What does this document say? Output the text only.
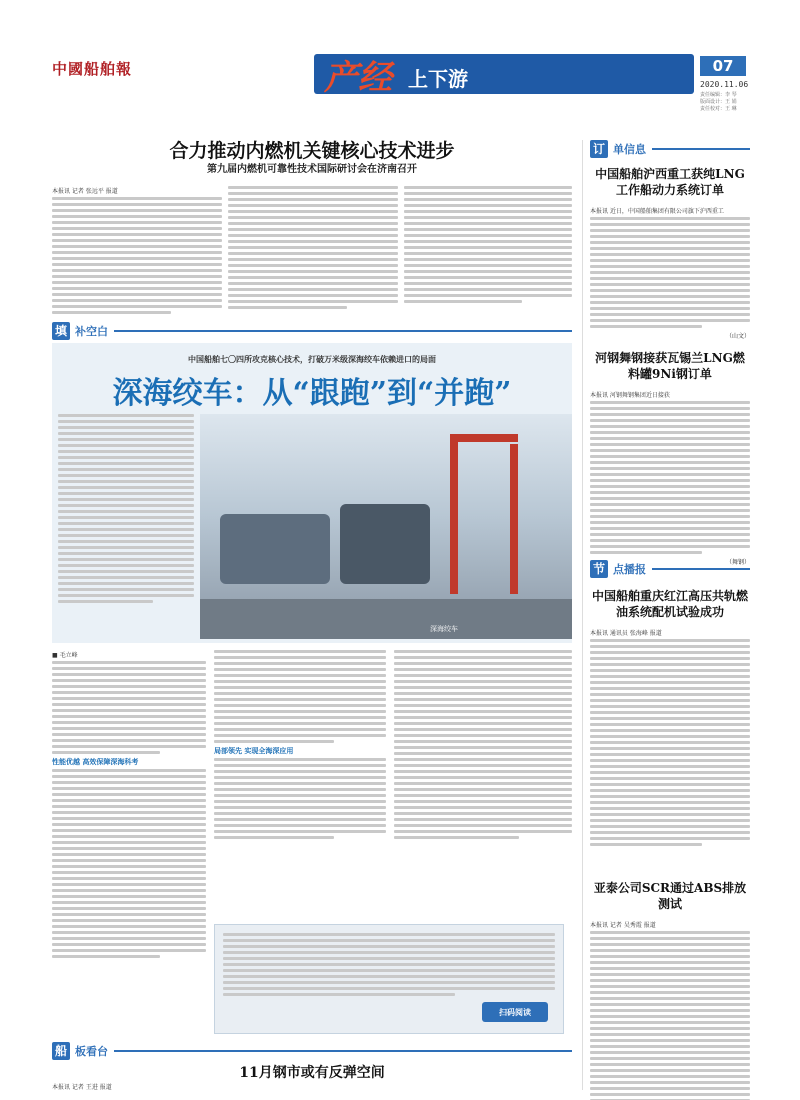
中國船舶報	产经 上下游
电话：010-59517969 传真：010-59517942 电子信箱：zszs@csr.cn.net
07
2020.11.06
责任编辑：李 琴
版面设计：王 娟
责任校对：王 琳
合力推动内燃机关键核心技术进步
第九届内燃机可靠性技术国际研讨会在济南召开
本报讯 记者 张远平 报道
填 补空白
中国船舶七〇四所攻克核心技术，打破万米级深海绞车依赖进口的局面
深海绞车：从“跟跑”到“并跑”
深海绞车
■ 毛立峰
性能优越 高效保障深海科考
局部领先 实现全海深应用
扫码阅读
船 板看台
11月钢市或有反弹空间
本报讯 记者 王进 报道
订 单信息
中国船舶沪西重工获纯LNG工作船动力系统订单
本报讯 近日，中国船舶集团有限公司旗下沪西重工
（山文）
河钢舞钢接获瓦锡兰LNG燃料罐9Ni钢订单
本报讯 河钢舞钢集团近日接获
（舞钢）
节 点播报
中国船舶重庆红江高压共轨燃油系统配机试验成功
本报讯 通讯员 张海峰 报道
亚泰公司SCR通过ABS排放测试
本报讯 记者 吴秀霞 报道
